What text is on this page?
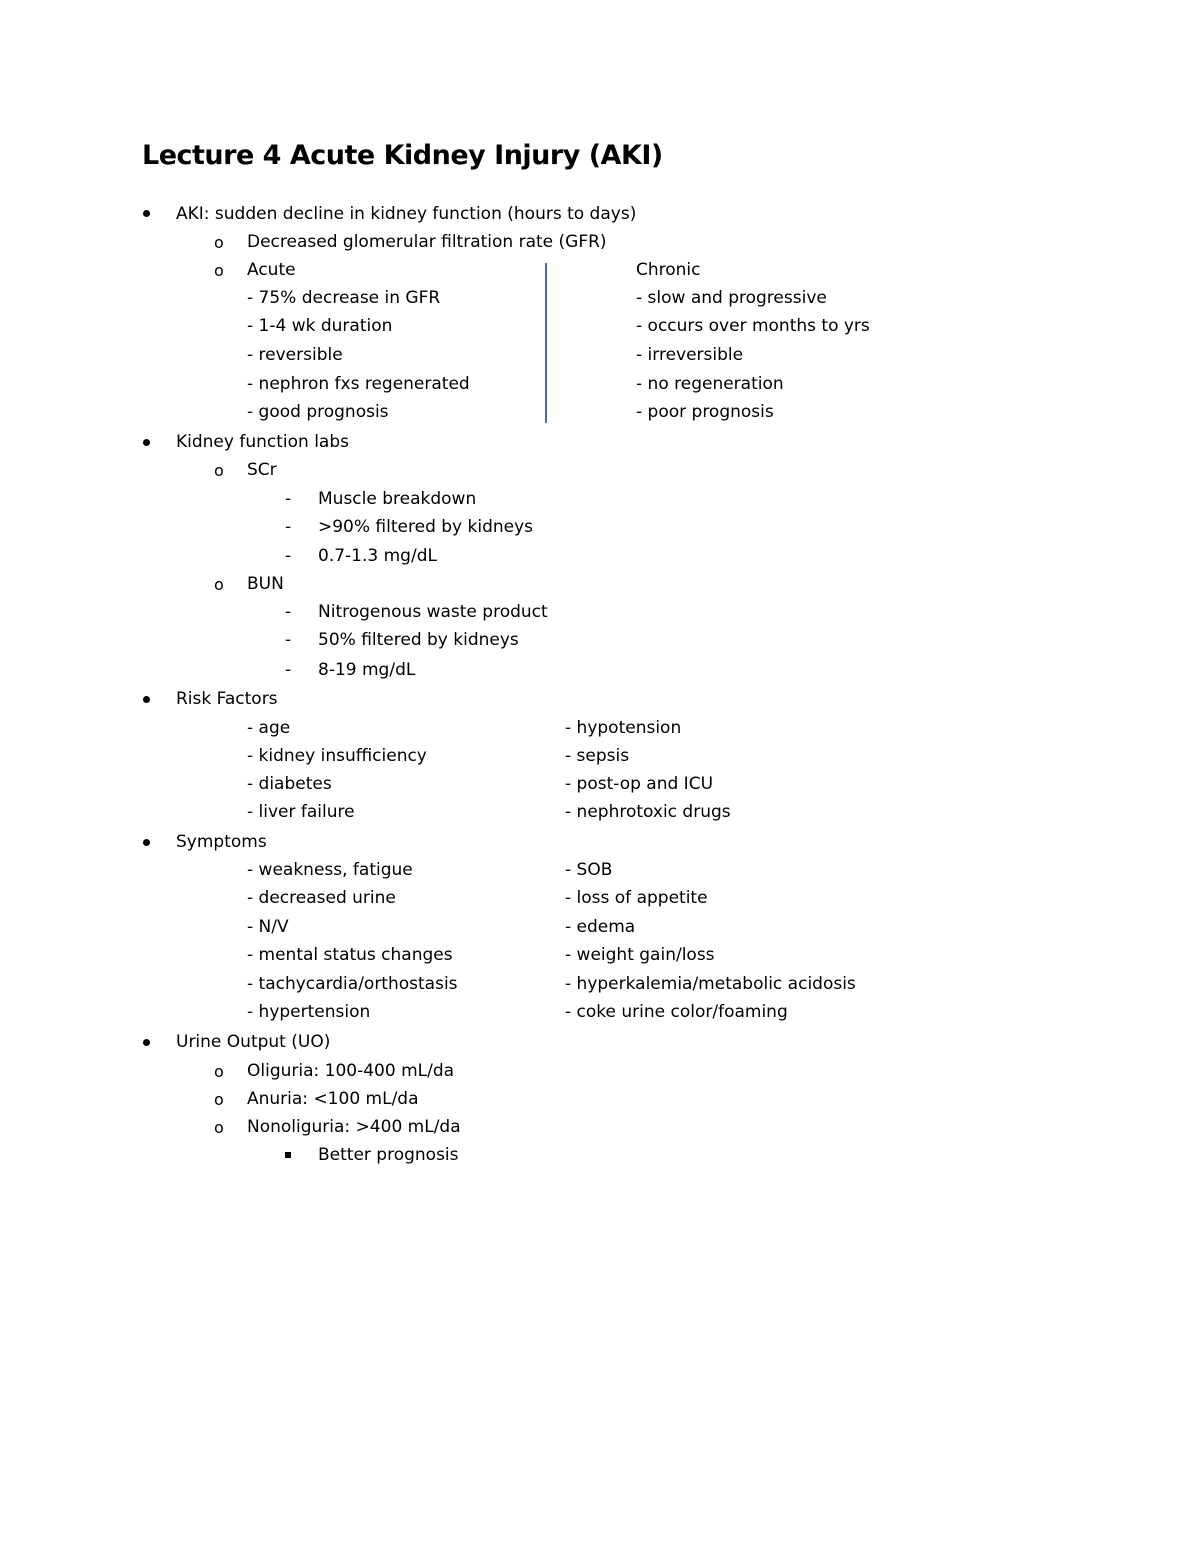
Lecture 4 Acute Kidney Injury (AKI)
AKI: sudden decline in kidney function (hours to days)
o Decreased glomerular filtration rate (GFR)
o Acute	Chronic
- 75% decrease in GFR
- 1-4 wk duration
- reversible
- nephron fxs regenerated
- good prognosis
- slow and progressive
- occurs over months to yrs
- irreversible
- no regeneration
- poor prognosis
Kidney function labs
o SCr
- Muscle breakdown
- >90% filtered by kidneys
- 0.7-1.3 mg/dL
o BUN
- Nitrogenous waste product
- 50% filtered by kidneys
- 8-19 mg/dL
Risk Factors
- age
- kidney insufficiency
- diabetes
- liver failure
- hypotension
- sepsis
- post-op and ICU
- nephrotoxic drugs
Symptoms
- weakness, fatigue
- decreased urine
- N/V
- mental status changes
- tachycardia/orthostasis
- hypertension
- SOB
- loss of appetite
- edema
- weight gain/loss
- hyperkalemia/metabolic acidosis
- coke urine color/foaming
Urine Output (UO)
o Oliguria: 100-400 mL/da
o Anuria: <100 mL/da
o Nonoliguria: >400 mL/da
Better prognosis
